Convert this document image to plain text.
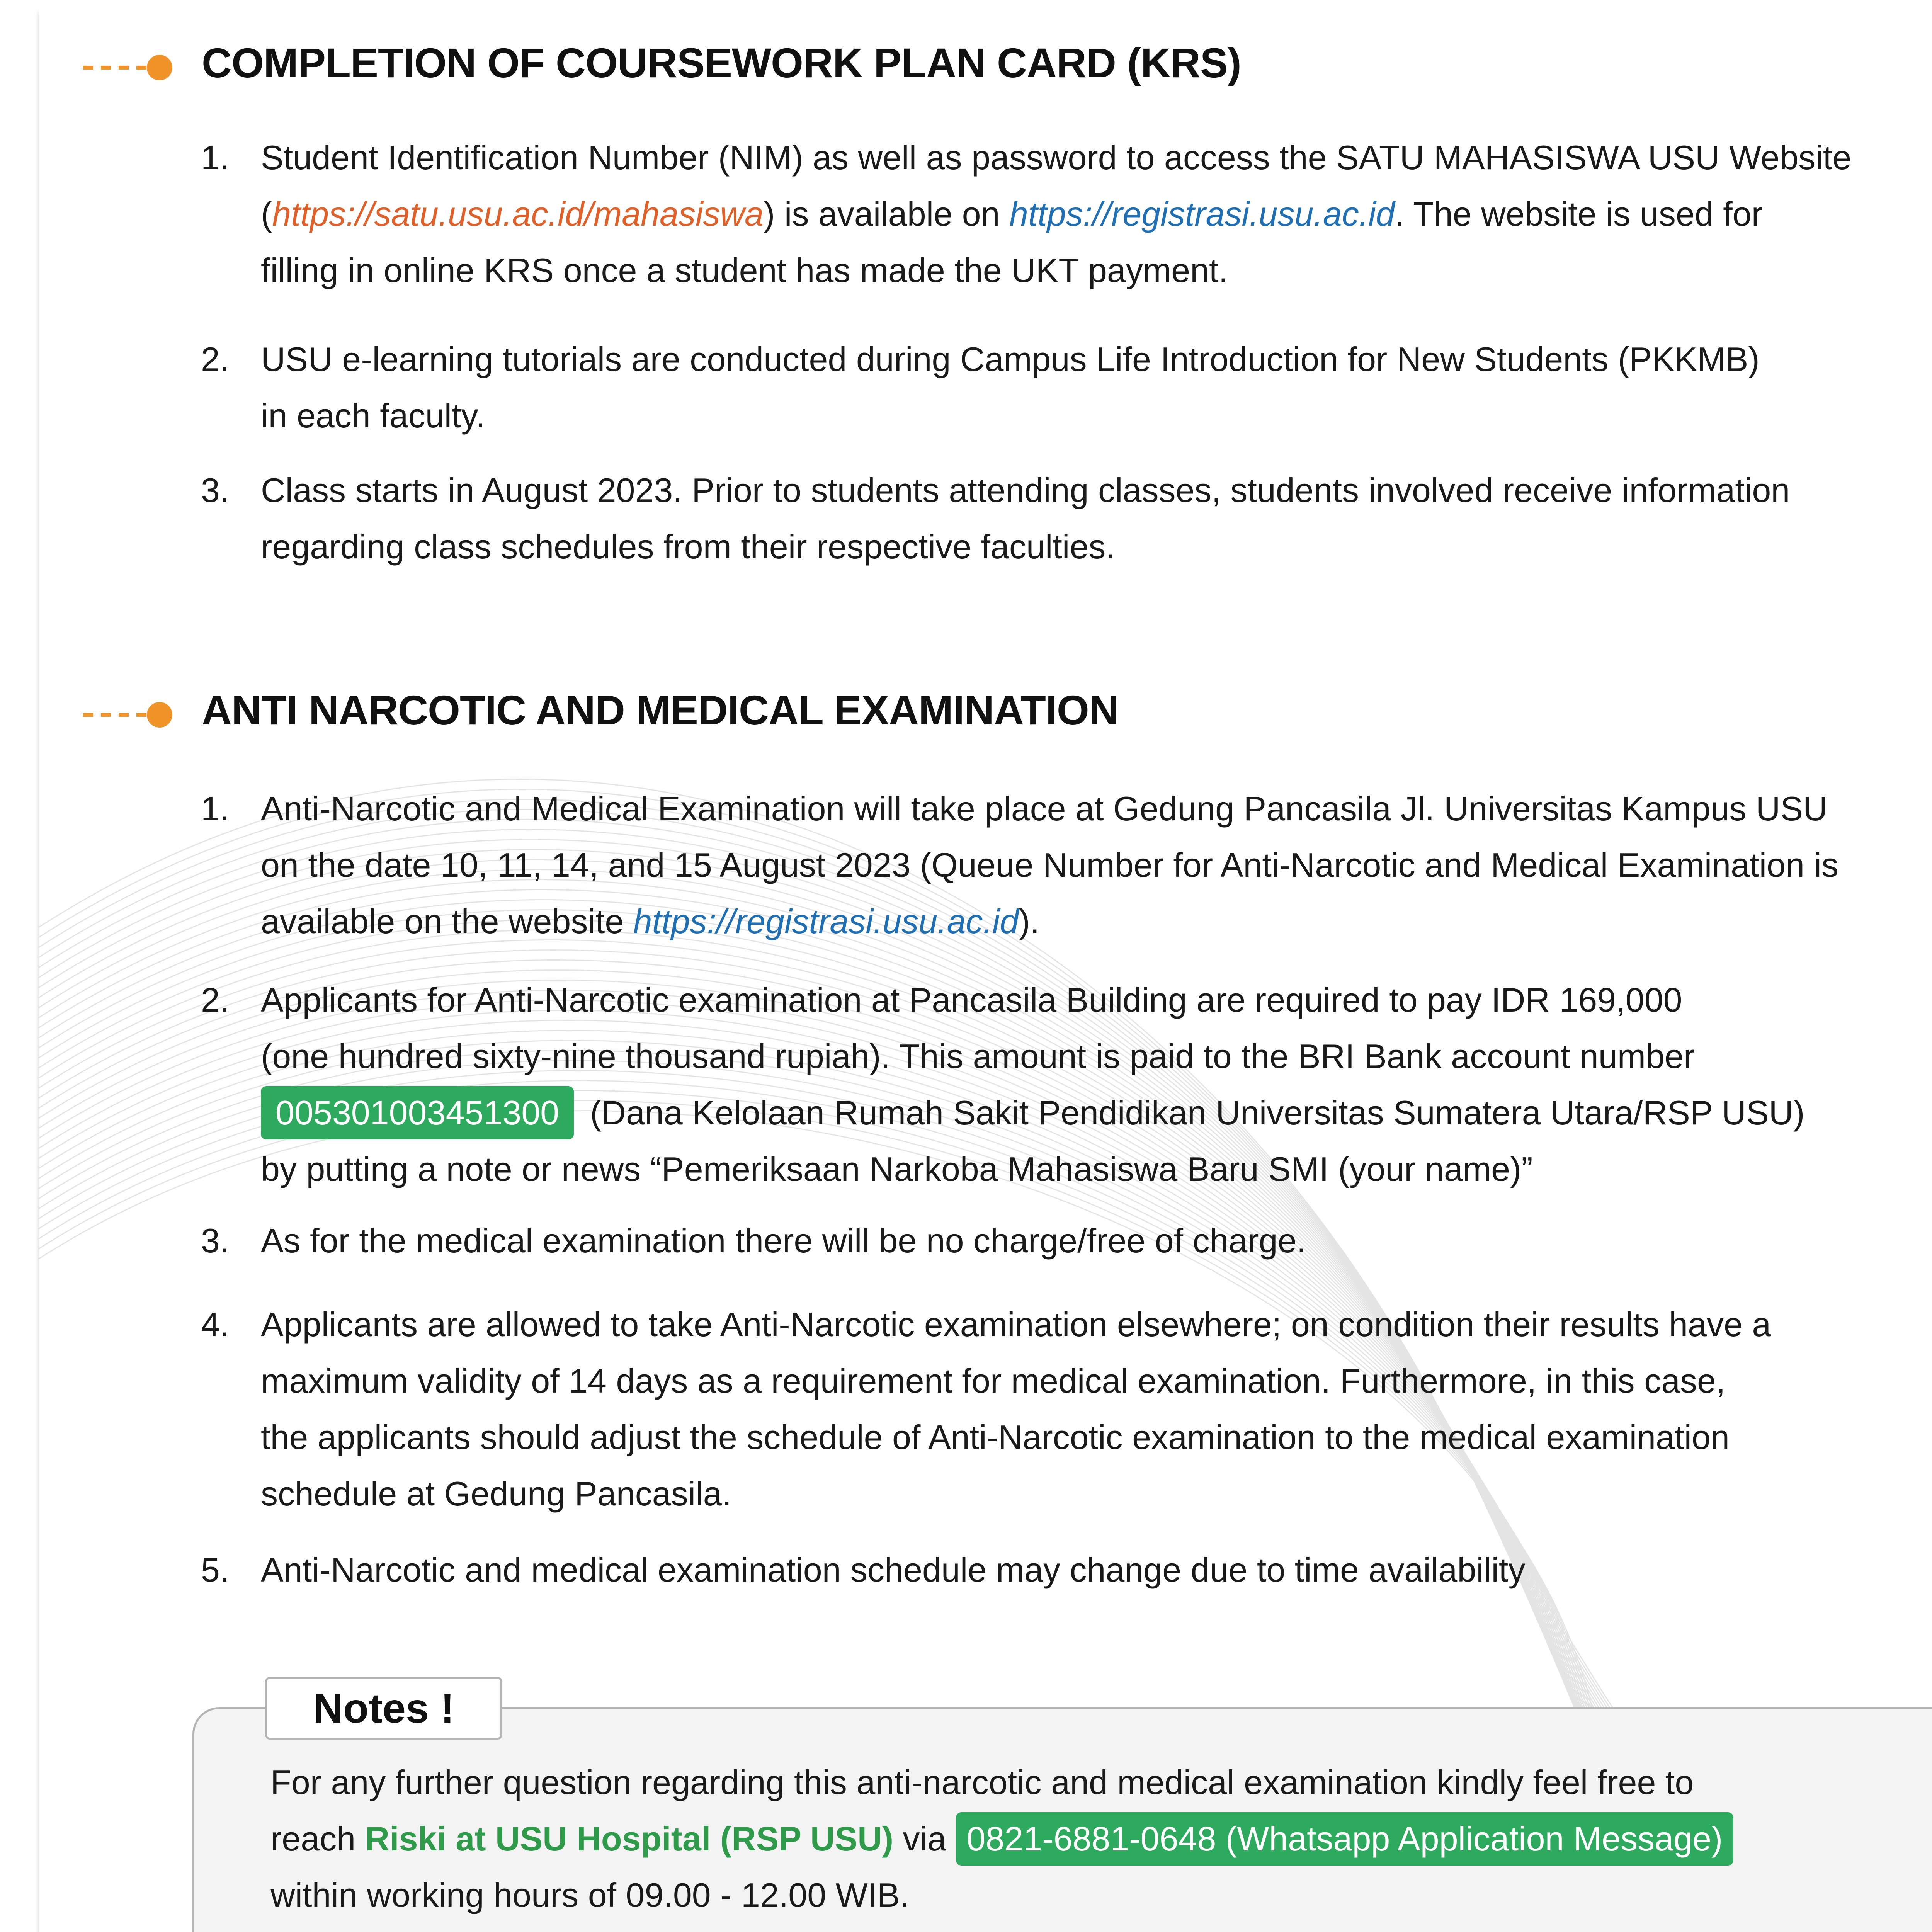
COMPLETION OF COURSEWORK PLAN CARD (KRS)
1. Student Identification Number (NIM) as well as password to access the SATU MAHASISWA USU Website
(https://satu.usu.ac.id/mahasiswa) is available on https://registrasi.usu.ac.id. The website is used for
filling in online KRS once a student has made the UKT payment.
2. USU e-learning tutorials are conducted during Campus Life Introduction for New Students (PKKMB)
in each faculty.
3. Class starts in August 2023. Prior to students attending classes, students involved receive information
regarding class schedules from their respective faculties.
ANTI NARCOTIC AND MEDICAL EXAMINATION
1. Anti-Narcotic and Medical Examination will take place at Gedung Pancasila Jl. Universitas Kampus USU
on the date 10, 11, 14, and 15 August 2023 (Queue Number for Anti-Narcotic and Medical Examination is
available on the website https://registrasi.usu.ac.id).
2. Applicants for Anti-Narcotic examination at Pancasila Building are required to pay IDR 169,000
(one hundred sixty-nine thousand rupiah). This amount is paid to the BRI Bank account number
005301003451300 (Dana Kelolaan Rumah Sakit Pendidikan Universitas Sumatera Utara/RSP USU)
by putting a note or news “Pemeriksaan Narkoba Mahasiswa Baru SMI (your name)”
3. As for the medical examination there will be no charge/free of charge.
4. Applicants are allowed to take Anti-Narcotic examination elsewhere; on condition their results have a
maximum validity of 14 days as a requirement for medical examination. Furthermore, in this case,
the applicants should adjust the schedule of Anti-Narcotic examination to the medical examination
schedule at Gedung Pancasila.
5. Anti-Narcotic and medical examination schedule may change due to time availability
Notes !
For any further question regarding this anti-narcotic and medical examination kindly feel free to
reach Riski at USU Hospital (RSP USU) via 0821-6881-0648 (Whatsapp Application Message)
within working hours of 09.00 - 12.00 WIB.
